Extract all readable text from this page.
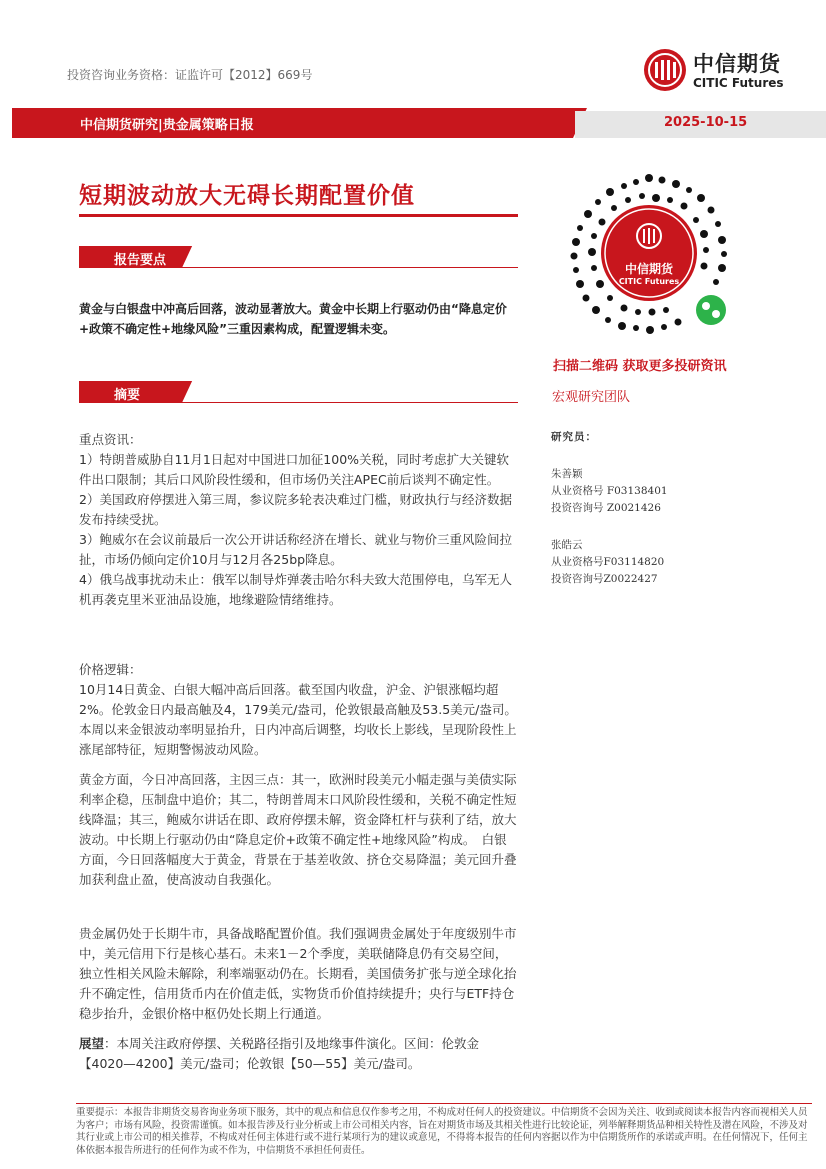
投资咨询业务资格：证监许可【2012】669号	中信期货
CITIC Futures
中信期货研究|贵金属策略日报	2025-10-15
短期波动放大无碍长期配置价值
报告要点
黄金与白银盘中冲高后回落，波动显著放大。黄金中长期上行驱动仍由“降息定价+政策不确定性+地缘风险”三重因素构成，配置逻辑未变。
摘要

重点资讯：

1）特朗普威胁自11月1日起对中国进口加征100%关税，同时考虑扩大关键软件出口限制；其后口风阶段性缓和，但市场仍关注APEC前后谈判不确定性。

2）美国政府停摆进入第三周，参议院多轮表决难过门槛，财政执行与经济数据发布持续受扰。

3）鲍威尔在会议前最后一次公开讲话称经济在增长、就业与物价三重风险间拉扯，市场仍倾向定价10月与12月各25bp降息。

4）俄乌战事扰动未止：俄军以制导炸弹袭击哈尔科夫致大范围停电，乌军无人机再袭克里米亚油品设施，地缘避险情绪维持。

价格逻辑：

10月14日黄金、白银大幅冲高后回落。截至国内收盘，沪金、沪银涨幅均超2%。伦敦金日内最高触及4，179美元/盎司，伦敦银最高触及53.5美元/盎司。本周以来金银波动率明显抬升，日内冲高后调整，均收长上影线，呈现阶段性上涨尾部特征，短期警惕波动风险。

黄金方面，今日冲高回落，主因三点：其一，欧洲时段美元小幅走强与美债实际利率企稳，压制盘中追价；其二，特朗普周末口风阶段性缓和，关税不确定性短线降温；其三，鲍威尔讲话在即、政府停摆未解，资金降杠杆与获利了结，放大波动。中长期上行驱动仍由“降息定价+政策不确定性+地缘风险”构成。　白银方面，今日回落幅度大于黄金，背景在于基差收敛、挤仓交易降温；美元回升叠加获利盘止盈，使高波动自我强化。

贵金属仍处于长期牛市，具备战略配置价值。我们强调贵金属处于年度级别牛市中，美元信用下行是核心基石。未来1－2个季度，美联储降息仍有交易空间，独立性相关风险未解除，利率端驱动仍在。长期看，美国债务扩张与逆全球化抬升不确定性，信用货币内在价值走低，实物货币价值持续提升；央行与ETF持仓稳步抬升，金银价格中枢仍处长期上行通道。

展望：本周关注政府停摆、关税路径指引及地缘事件演化。区间：伦敦金【4020—4200】美元/盎司；伦敦银【50—55】美元/盎司。

中信期货
CITIC Futures
扫描二维码 获取更多投研资讯
宏观研究团队
研究员：
朱善颖
从业资格号 F03138401
投资咨询号 Z0021426
张皓云
从业资格号F03114820
投资咨询号Z0022427
重要提示：本报告非期货交易咨询业务项下服务，其中的观点和信息仅作参考之用，不构成对任何人的投资建议。中信期货不会因为关注、收到或阅读本报告内容而视相关人员为客户；市场有风险，投资需谨慎。如本报告涉及行业分析或上市公司相关内容，旨在对期货市场及其相关性进行比较论证，列举解释期货品种相关特性及潜在风险，不涉及对其行业或上市公司的相关推荐，不构成对任何主体进行或不进行某项行为的建议或意见，不得将本报告的任何内容据以作为中信期货所作的承诺或声明。在任何情况下，任何主体依据本报告所进行的任何作为或不作为，中信期货不承担任何责任。
